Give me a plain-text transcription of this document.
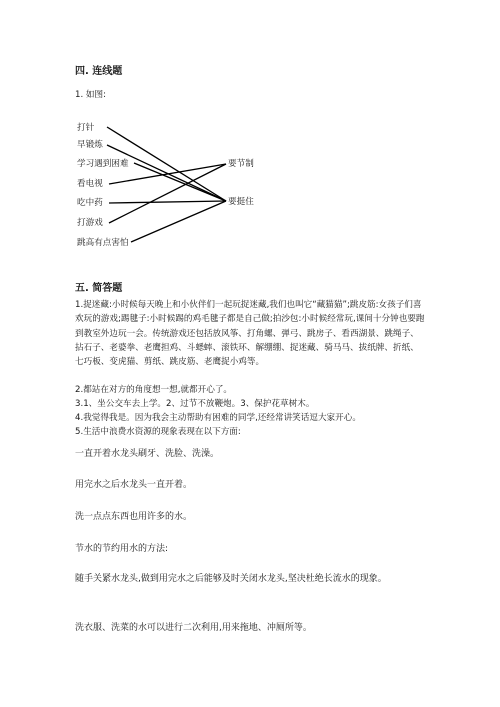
四. 连线题
1. 如图:
打针
早锻炼
学习遇到困难
看电视
吃中药
打游戏
跳高有点害怕
要节制
要挺住
五. 简答题
1.捉迷藏:小时候每天晚上和小伙伴们一起玩捉迷藏,我们也叫它“藏猫猫”;跳皮筋:女孩子们喜欢玩的游戏;踢毽子:小时候踢的鸡毛毽子都是自己做;拍沙包:小时候经常玩,课间十分钟也要跑到教室外边玩一会。传统游戏还包括放风筝、打角螺、弹弓、跳房子、看西湖景、跳绳子、拈石子、老婆拳、老鹰担鸡、斗蟋蟀、滚铁环、解绷绷、捉迷藏、骑马马、拔纸牌、折纸、七巧板、变虎猫、剪纸、跳皮筋、老鹰捉小鸡等。
2.都站在对方的角度想一想,就都开心了。
3.1、坐公交车去上学。2、过节不放鞭炮。3、保护花草树木。
4.我觉得我是。因为我会主动帮助有困难的同学,还经常讲笑话逗大家开心。
5.生活中浪费水资源的现象表现在以下方面:
一直开着水龙头刷牙、洗脸、洗澡。
用完水之后水龙头一直开着。
洗一点点东西也用许多的水。
节水的节约用水的方法:
随手关紧水龙头,做到用完水之后能够及时关闭水龙头,坚决杜绝长流水的现象。
洗衣服、洗菜的水可以进行二次利用,用来拖地、冲厕所等。
